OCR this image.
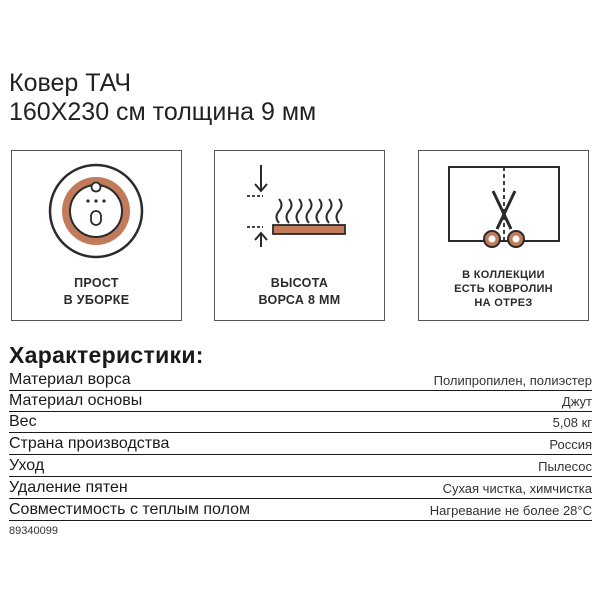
Ковер ТАЧ
160X230 см толщина 9 мм
ПРОСТ
В УБОРКЕ
ВЫСОТА
ВОРСА 8 ММ
В КОЛЛЕКЦИИ
ЕСТЬ КОВРОЛИН
НА ОТРЕЗ
Характеристики:
Материал ворса	Полипропилен, полиэстер
Материал основы	Джут
Вес	5,08 кг
Страна производства	Россия
Уход	Пылесос
Удаление пятен	Сухая чистка, химчистка
Совместимость с теплым полом	Нагревание не более 28°C
89340099
